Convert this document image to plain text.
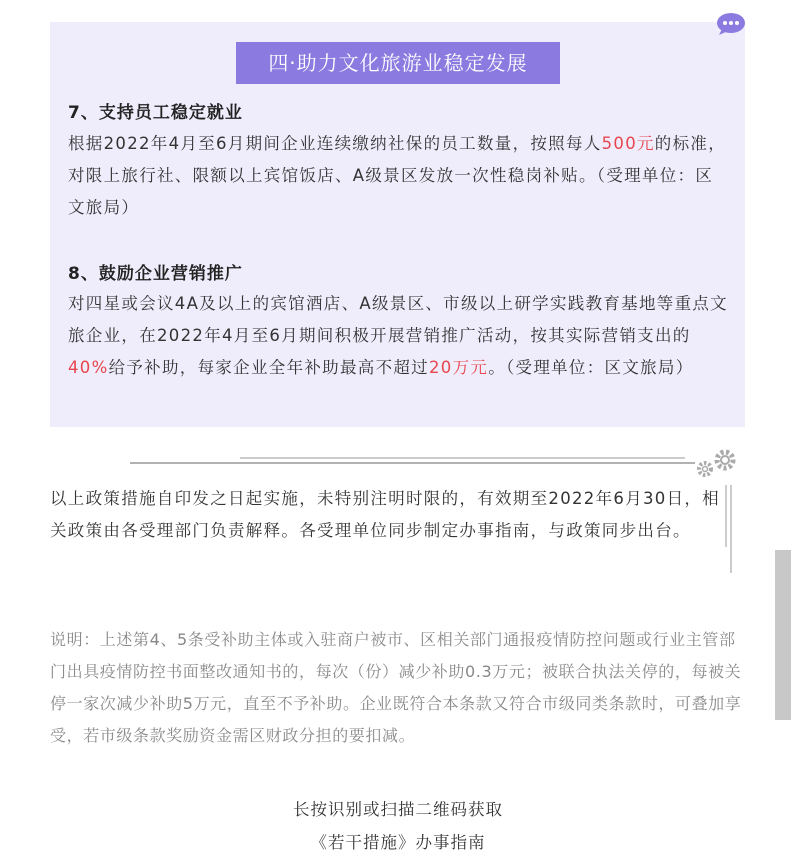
四·助力文化旅游业稳定发展
7、支持员工稳定就业

根据2022年4月至6月期间企业连续缴纳社保的员工数量，按照每人500元的标准，对限上旅行社、限额以上宾馆饭店、A级景区发放一次性稳岗补贴。（受理单位：区文旅局）

8、鼓励企业营销推广

对四星或会议4A及以上的宾馆酒店、A级景区、市级以上研学实践教育基地等重点文旅企业，在2022年4月至6月期间积极开展营销推广活动，按其实际营销支出的40%给予补助，每家企业全年补助最高不超过20万元。（受理单位：区文旅局）

以上政策措施自印发之日起实施，未特别注明时限的，有效期至2022年6月30日，相关政策由各受理部门负责解释。各受理单位同步制定办事指南，与政策同步出台。

说明：上述第4、5条受补助主体或入驻商户被市、区相关部门通报疫情防控问题或行业主管部门出具疫情防控书面整改通知书的，每次（份）减少补助0.3万元；被联合执法关停的，每被关停一家次减少补助5万元，直至不予补助。企业既符合本条款又符合市级同类条款时，可叠加享受，若市级条款奖励资金需区财政分担的要扣减。

长按识别或扫描二维码获取
《若干措施》办事指南
